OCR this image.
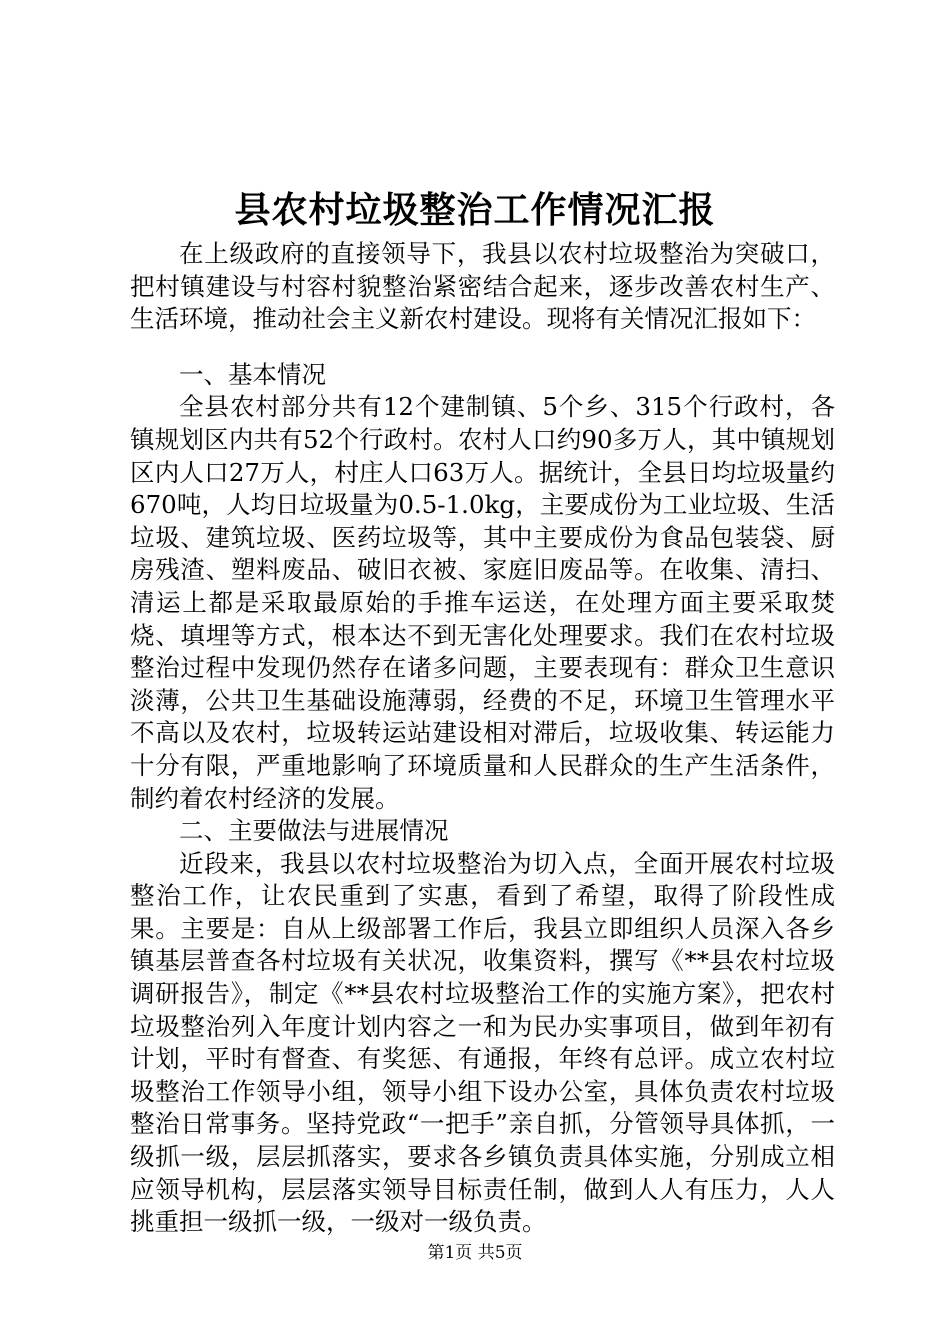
县农村垃圾整治工作情况汇报

在上级政府的直接领导下，我县以农村垃圾整治为突破口，把村镇建设与村容村貌整治紧密结合起来，逐步改善农村生产、生活环境，推动社会主义新农村建设。现将有关情况汇报如下：

一、基本情况

全县农村部分共有12个建制镇、5个乡、315个行政村，各镇规划区内共有52个行政村。农村人口约90多万人，其中镇规划区内人口27万人，村庄人口63万人。据统计，全县日均垃圾量约670吨，人均日垃圾量为0.5-1.0kg，主要成份为工业垃圾、生活垃圾、建筑垃圾、医药垃圾等，其中主要成份为食品包装袋、厨房残渣、塑料废品、破旧衣被、家庭旧废品等。在收集、清扫、清运上都是采取最原始的手推车运送，在处理方面主要采取焚烧、填埋等方式，根本达不到无害化处理要求。我们在农村垃圾整治过程中发现仍然存在诸多问题，主要表现有：群众卫生意识淡薄，公共卫生基础设施薄弱，经费的不足，环境卫生管理水平不高以及农村，垃圾转运站建设相对滞后，垃圾收集、转运能力十分有限，严重地影响了环境质量和人民群众的生产生活条件，制约着农村经济的发展。

二、主要做法与进展情况

近段来，我县以农村垃圾整治为切入点，全面开展农村垃圾整治工作，让农民重到了实惠，看到了希望，取得了阶段性成果。主要是：自从上级部署工作后，我县立即组织人员深入各乡镇基层普查各村垃圾有关状况，收集资料，撰写《**县农村垃圾调研报告》，制定《**县农村垃圾整治工作的实施方案》，把农村垃圾整治列入年度计划内容之一和为民办实事项目，做到年初有计划，平时有督查、有奖惩、有通报，年终有总评。成立农村垃圾整治工作领导小组，领导小组下设办公室，具体负责农村垃圾整治日常事务。坚持党政“一把手”亲自抓，分管领导具体抓，一级抓一级，层层抓落实，要求各乡镇负责具体实施，分别成立相应领导机构，层层落实领导目标责任制，做到人人有压力，人人挑重担一级抓一级，一级对一级负责。

第1页 共5页
